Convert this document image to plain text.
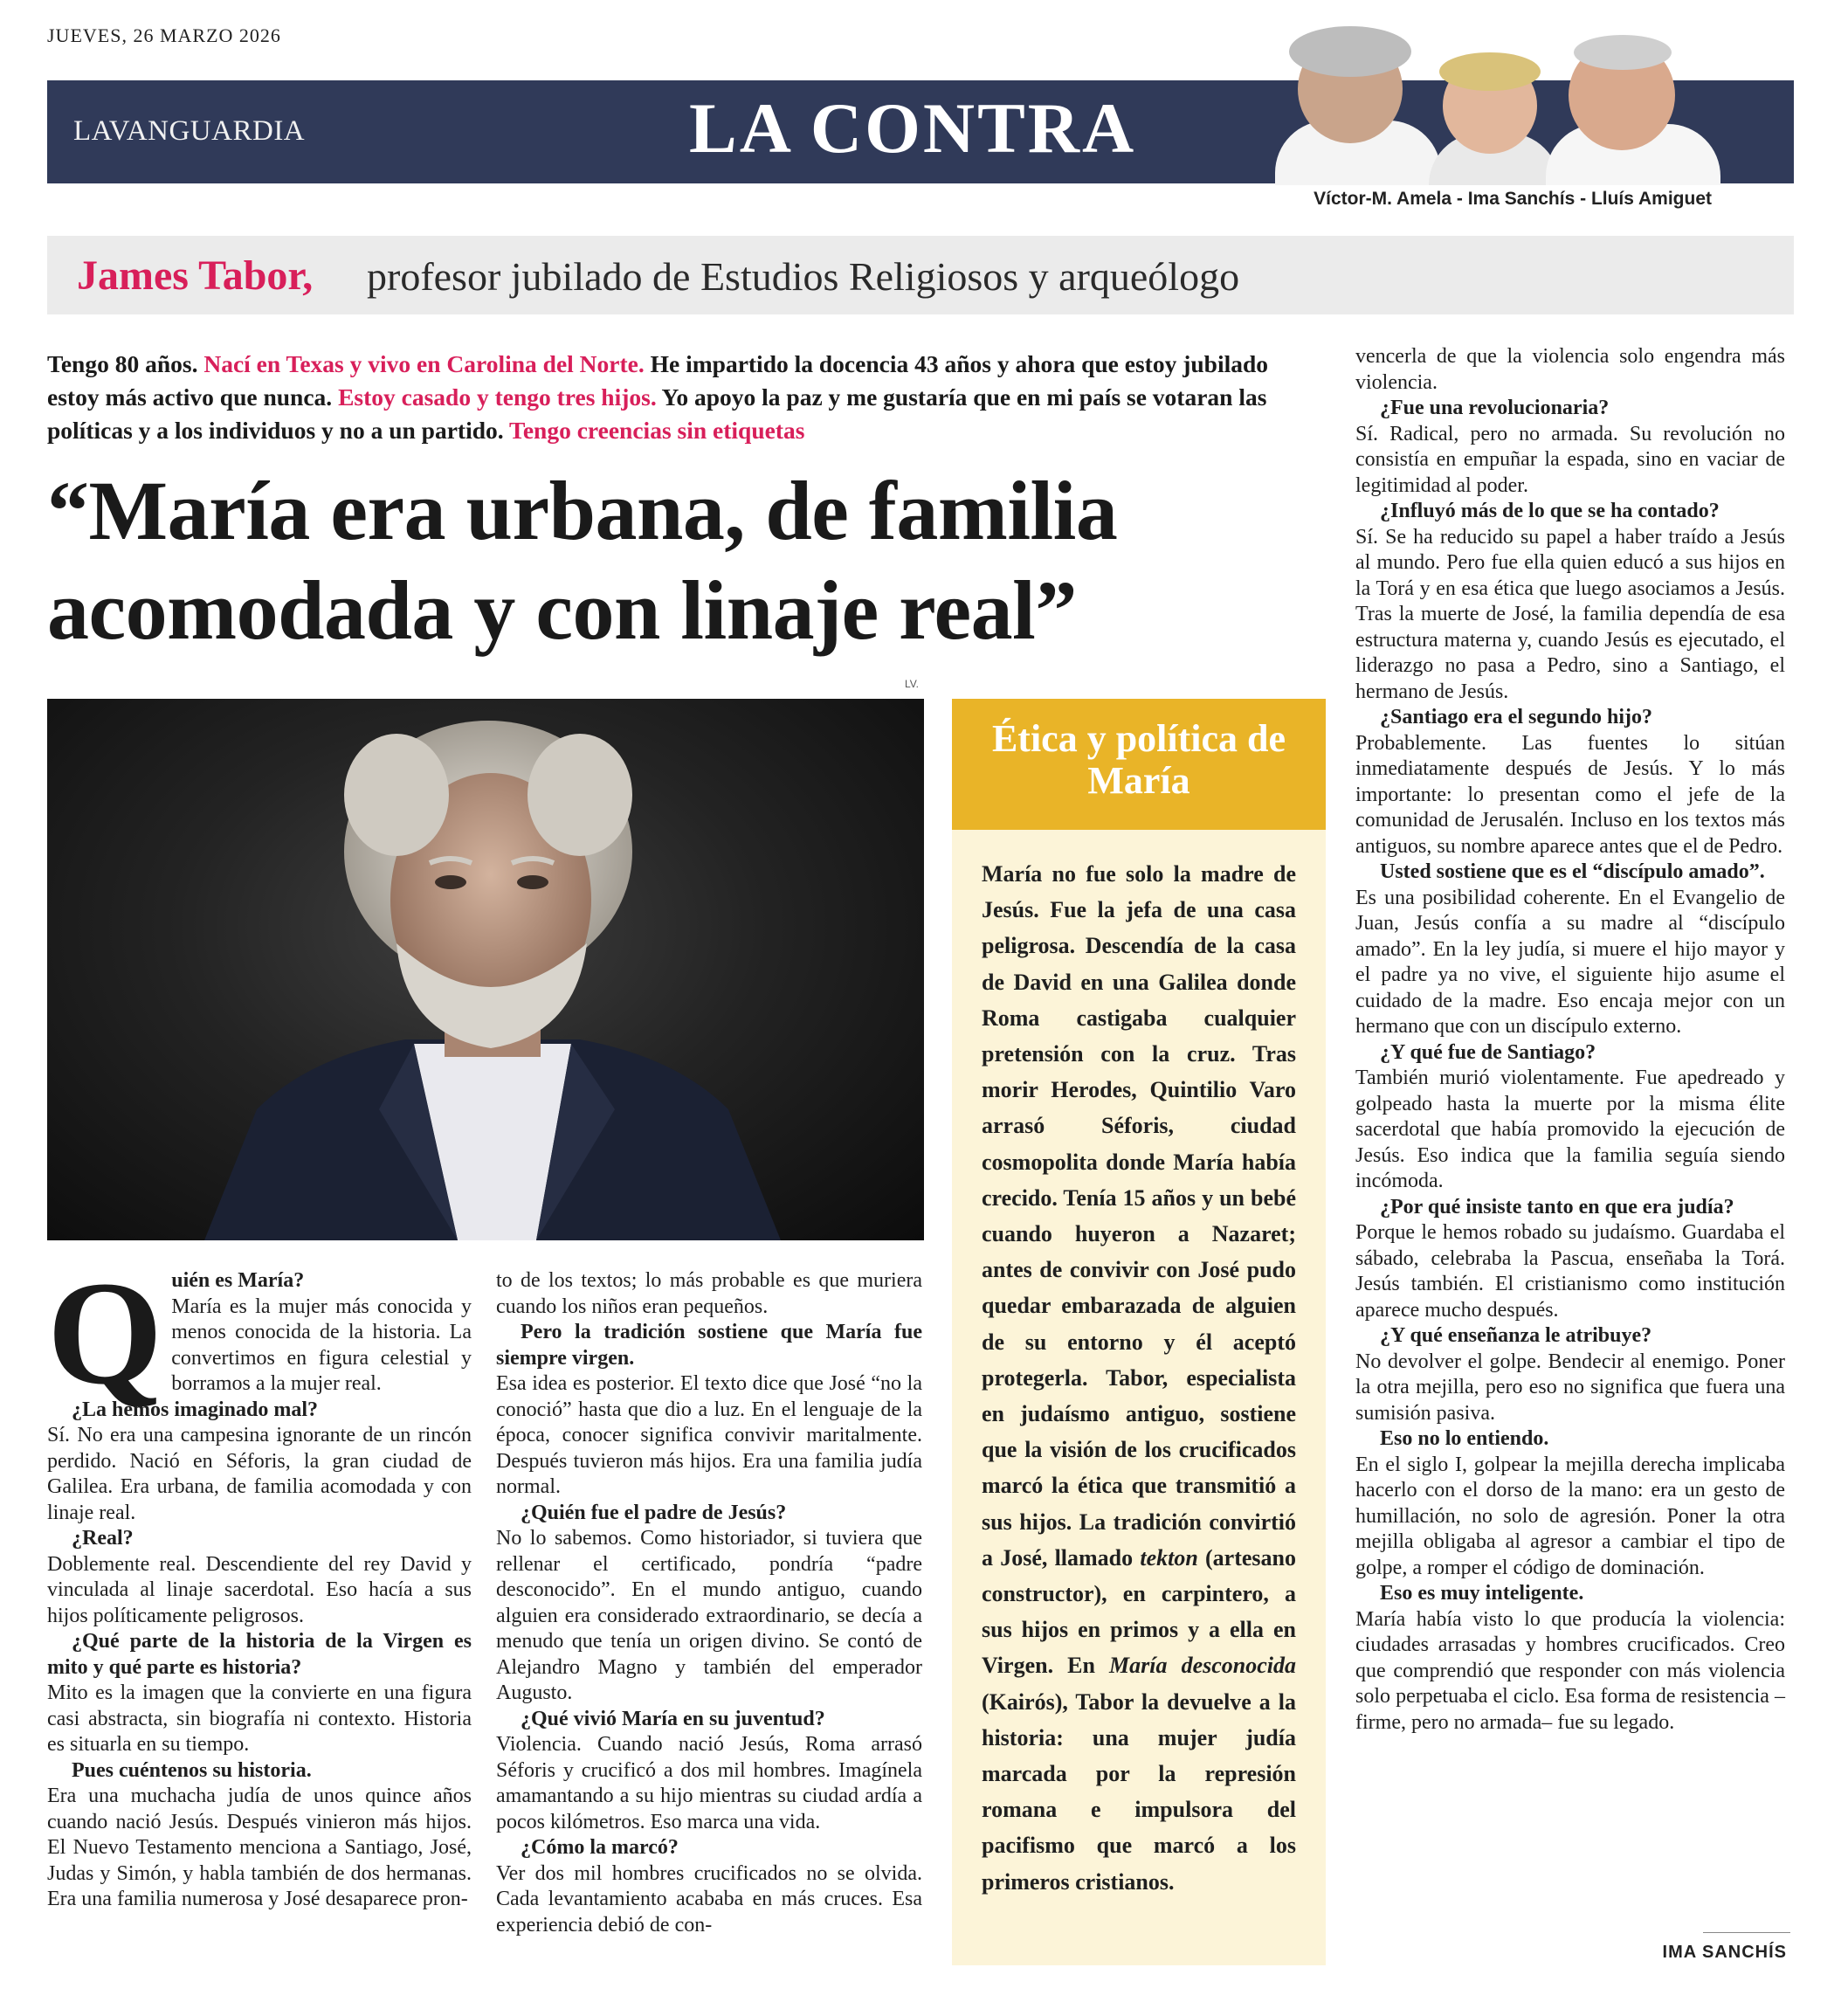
JUEVES, 26 MARZO 2026
LAVANGUARDIA	LA CONTRA
Víctor-M. Amela - Ima Sanchís - Lluís Amiguet
James Tabor, profesor jubilado de Estudios Religiosos y arqueólogo
Tengo 80 años. Nací en Texas y vivo en Carolina del Norte. He impartido la docencia 43 años y ahora que estoy jubilado estoy más activo que nunca. Estoy casado y tengo tres hijos. Yo apoyo la paz y me gustaría que en mi país se votaran las políticas y a los individuos y no a un partido. Tengo creencias sin etiquetas
“María era urbana, de familia acomodada y con linaje real”
LV.
Q uién es María?

María es la mujer más conocida y menos conocida de la historia. La convertimos en figura celestial y borramos a la mujer real.

¿La hemos imaginado mal?

Sí. No era una campesina ignorante de un rincón perdido. Nació en Séforis, la gran ciudad de Galilea. Era urbana, de familia acomodada y con linaje real.

¿Real?

Doblemente real. Descendiente del rey David y vinculada al linaje sacerdotal. Eso hacía a sus hijos políticamente peligrosos.

¿Qué parte de la historia de la Virgen es mito y qué parte es historia?

Mito es la imagen que la convierte en una figura casi abstracta, sin biografía ni contexto. Historia es situarla en su tiempo.

Pues cuéntenos su historia.

Era una muchacha judía de unos quince años cuando nació Jesús. Después vinieron más hijos. El Nuevo Testamento menciona a Santiago, José, Judas y Simón, y habla también de dos hermanas. Era una familia numerosa y José desaparece pron-

to de los textos; lo más probable es que muriera cuando los niños eran pequeños.

Pero la tradición sostiene que María fue siempre virgen.

Esa idea es posterior. El texto dice que José “no la conoció” hasta que dio a luz. En el lenguaje de la época, conocer significa convivir maritalmente. Después tuvieron más hijos. Era una familia judía normal.

¿Quién fue el padre de Jesús?

No lo sabemos. Como historiador, si tuviera que rellenar el certificado, pondría “padre desconocido”. En el mundo antiguo, cuando alguien era considerado extraordinario, se decía a menudo que tenía un origen divino. Se contó de Alejandro Magno y también del emperador Augusto.

¿Qué vivió María en su juventud?

Violencia. Cuando nació Jesús, Roma arrasó Séforis y crucificó a dos mil hombres. Imagínela amamantando a su hijo mientras su ciudad ardía a pocos kilómetros. Eso marca una vida.

¿Cómo la marcó?

Ver dos mil hombres crucificados no se olvida. Cada levantamiento acababa en más cruces. Esa experiencia debió de con-

Ética y política de María
María no fue solo la madre de Jesús. Fue la jefa de una casa peligrosa. Descendía de la casa de David en una Galilea donde Roma castigaba cualquier pretensión con la cruz. Tras morir Herodes, Quintilio Varo arrasó Séforis, ciudad cosmopolita donde María había crecido. Tenía 15 años y un bebé cuando huyeron a Nazaret; antes de convivir con José pudo quedar embarazada de alguien de su entorno y él aceptó protegerla. Tabor, especialista en judaísmo antiguo, sostiene que la visión de los crucificados marcó la ética que transmitió a sus hijos. La tradición convirtió a José, llamado tekton (artesano constructor), en carpintero, a sus hijos en primos y a ella en Virgen. En María desconocida (Kairós), Tabor la devuelve a la historia: una mujer judía marcada por la represión romana e impulsora del pacifismo que marcó a los primeros cristianos.

vencerla de que la violencia solo engendra más violencia.

¿Fue una revolucionaria?

Sí. Radical, pero no armada. Su revolución no consistía en empuñar la espada, sino en vaciar de legitimidad al poder.

¿Influyó más de lo que se ha contado?

Sí. Se ha reducido su papel a haber traído a Jesús al mundo. Pero fue ella quien educó a sus hijos en la Torá y en esa ética que luego asociamos a Jesús. Tras la muerte de José, la familia dependía de esa estructura materna y, cuando Jesús es ejecutado, el liderazgo no pasa a Pedro, sino a Santiago, el hermano de Jesús.

¿Santiago era el segundo hijo?

Probablemente. Las fuentes lo sitúan inmediatamente después de Jesús. Y lo más importante: lo presentan como el jefe de la comunidad de Jerusalén. Incluso en los textos más antiguos, su nombre aparece antes que el de Pedro.

Usted sostiene que es el “discípulo amado”.

Es una posibilidad coherente. En el Evangelio de Juan, Jesús confía a su madre al “discípulo amado”. En la ley judía, si muere el hijo mayor y el padre ya no vive, el siguiente hijo asume el cuidado de la madre. Eso encaja mejor con un hermano que con un discípulo externo.

¿Y qué fue de Santiago?

También murió violentamente. Fue apedreado y golpeado hasta la muerte por la misma élite sacerdotal que había promovido la ejecución de Jesús. Eso indica que la familia seguía siendo incómoda.

¿Por qué insiste tanto en que era judía?

Porque le hemos robado su judaísmo. Guardaba el sábado, celebraba la Pascua, enseñaba la Torá. Jesús también. El cristianismo como institución aparece mucho después.

¿Y qué enseñanza le atribuye?

No devolver el golpe. Bendecir al enemigo. Poner la otra mejilla, pero eso no significa que fuera una sumisión pasiva.

Eso no lo entiendo.

En el siglo I, golpear la mejilla derecha implicaba hacerlo con el dorso de la mano: era un gesto de humillación, no solo de agresión. Poner la otra mejilla obligaba al agresor a cambiar el tipo de golpe, a romper el código de dominación.

Eso es muy inteligente.

María había visto lo que producía la violencia: ciudades arrasadas y hombres crucificados. Creo que comprendió que responder con más violencia solo perpetuaba el ciclo. Esa forma de resistencia –firme, pero no armada– fue su legado.

IMA SANCHÍS
